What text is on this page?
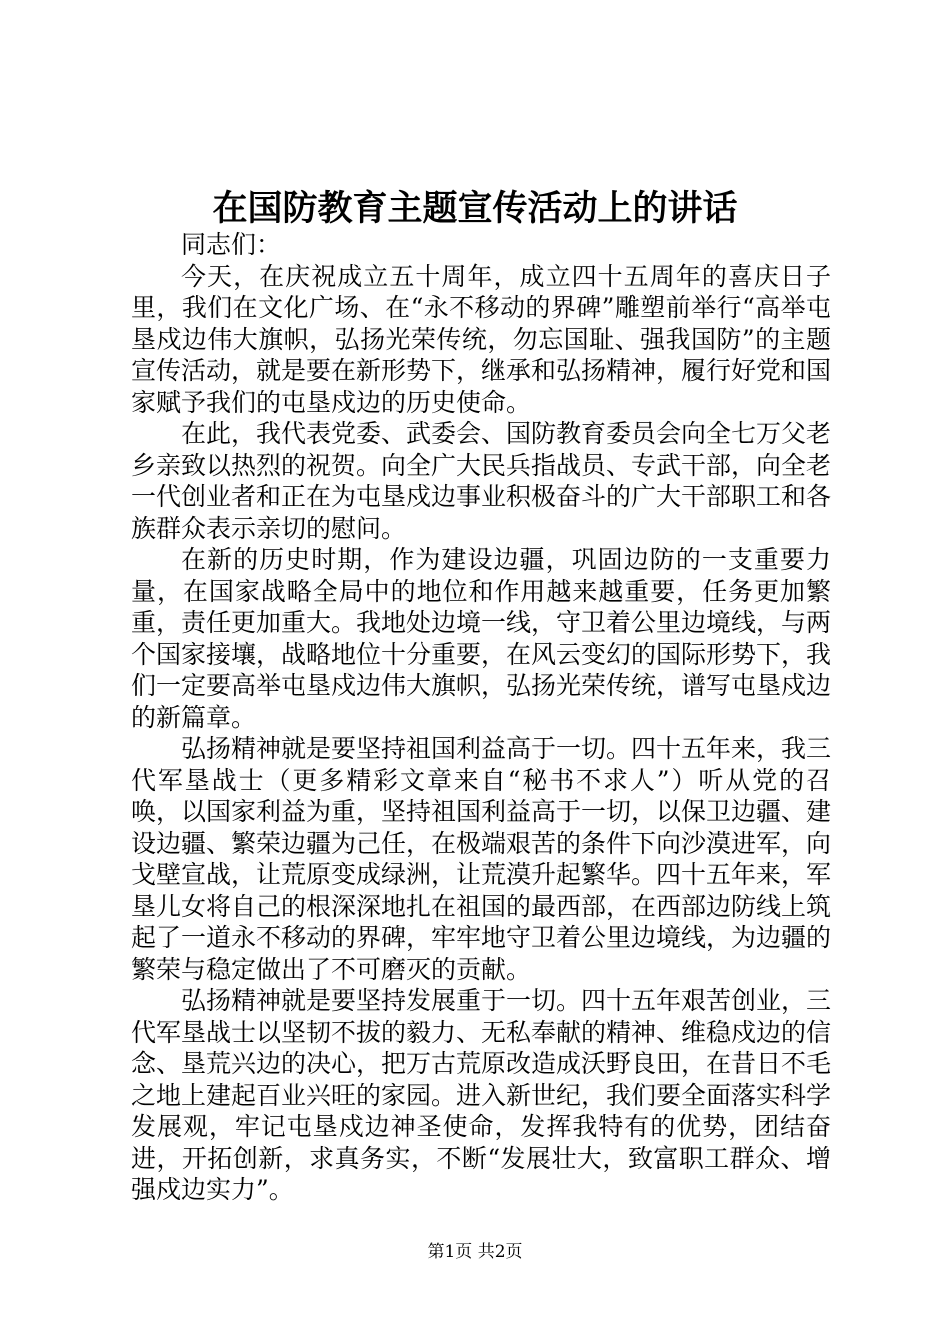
在国防教育主题宣传活动上的讲话

同志们：

今天，在庆祝成立五十周年，成立四十五周年的喜庆日子里，我们在文化广场、在“永不移动的界碑”雕塑前举行“高举屯垦戍边伟大旗帜，弘扬光荣传统，勿忘国耻、强我国防”的主题宣传活动，就是要在新形势下，继承和弘扬精神，履行好党和国家赋予我们的屯垦戍边的历史使命。

在此，我代表党委、武委会、国防教育委员会向全七万父老乡亲致以热烈的祝贺。向全广大民兵指战员、专武干部，向全老一代创业者和正在为屯垦戍边事业积极奋斗的广大干部职工和各族群众表示亲切的慰问。

在新的历史时期，作为建设边疆，巩固边防的一支重要力量，在国家战略全局中的地位和作用越来越重要，任务更加繁重，责任更加重大。我地处边境一线，守卫着公里边境线，与两个国家接壤，战略地位十分重要，在风云变幻的国际形势下，我们一定要高举屯垦戍边伟大旗帜，弘扬光荣传统，谱写屯垦戍边的新篇章。

弘扬精神就是要坚持祖国利益高于一切。四十五年来，我三代军垦战士（更多精彩文章来自“秘书不求人”）听从党的召唤，以国家利益为重，坚持祖国利益高于一切，以保卫边疆、建设边疆、繁荣边疆为己任，在极端艰苦的条件下向沙漠进军，向戈壁宣战，让荒原变成绿洲，让荒漠升起繁华。四十五年来，军垦儿女将自己的根深深地扎在祖国的最西部，在西部边防线上筑起了一道永不移动的界碑，牢牢地守卫着公里边境线，为边疆的繁荣与稳定做出了不可磨灭的贡献。

弘扬精神就是要坚持发展重于一切。四十五年艰苦创业，三代军垦战士以坚韧不拔的毅力、无私奉献的精神、维稳戍边的信念、垦荒兴边的决心，把万古荒原改造成沃野良田，在昔日不毛之地上建起百业兴旺的家园。进入新世纪，我们要全面落实科学发展观，牢记屯垦戍边神圣使命，发挥我特有的优势，团结奋进，开拓创新，求真务实，不断“发展壮大，致富职工群众、增强戍边实力”。

第1页 共2页
